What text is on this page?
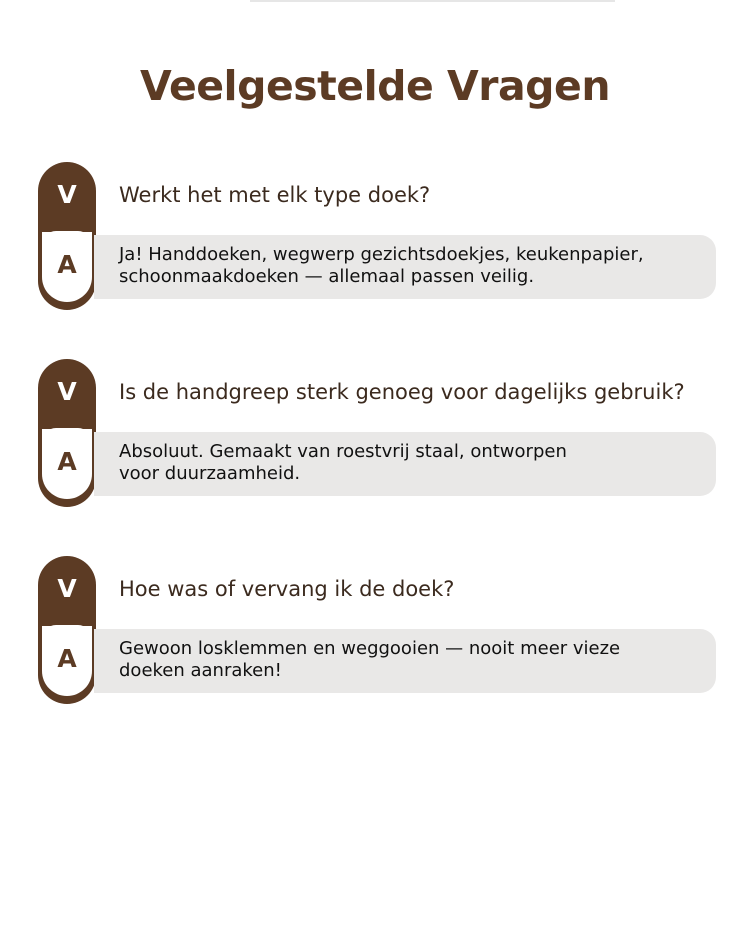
Veelgestelde Vragen
V
A
Werkt het met elk type doek?

Ja! Handdoeken, wegwerp gezichtsdoekjes, keukenpapier,
schoonmaakdoeken — allemaal passen veilig.

V
A
Is de handgreep sterk genoeg voor dagelijks gebruik?

Absoluut. Gemaakt van roestvrij staal, ontworpen
voor duurzaamheid.

V
A
Hoe was of vervang ik de doek?

Gewoon losklemmen en weggooien — nooit meer vieze
doeken aanraken!
